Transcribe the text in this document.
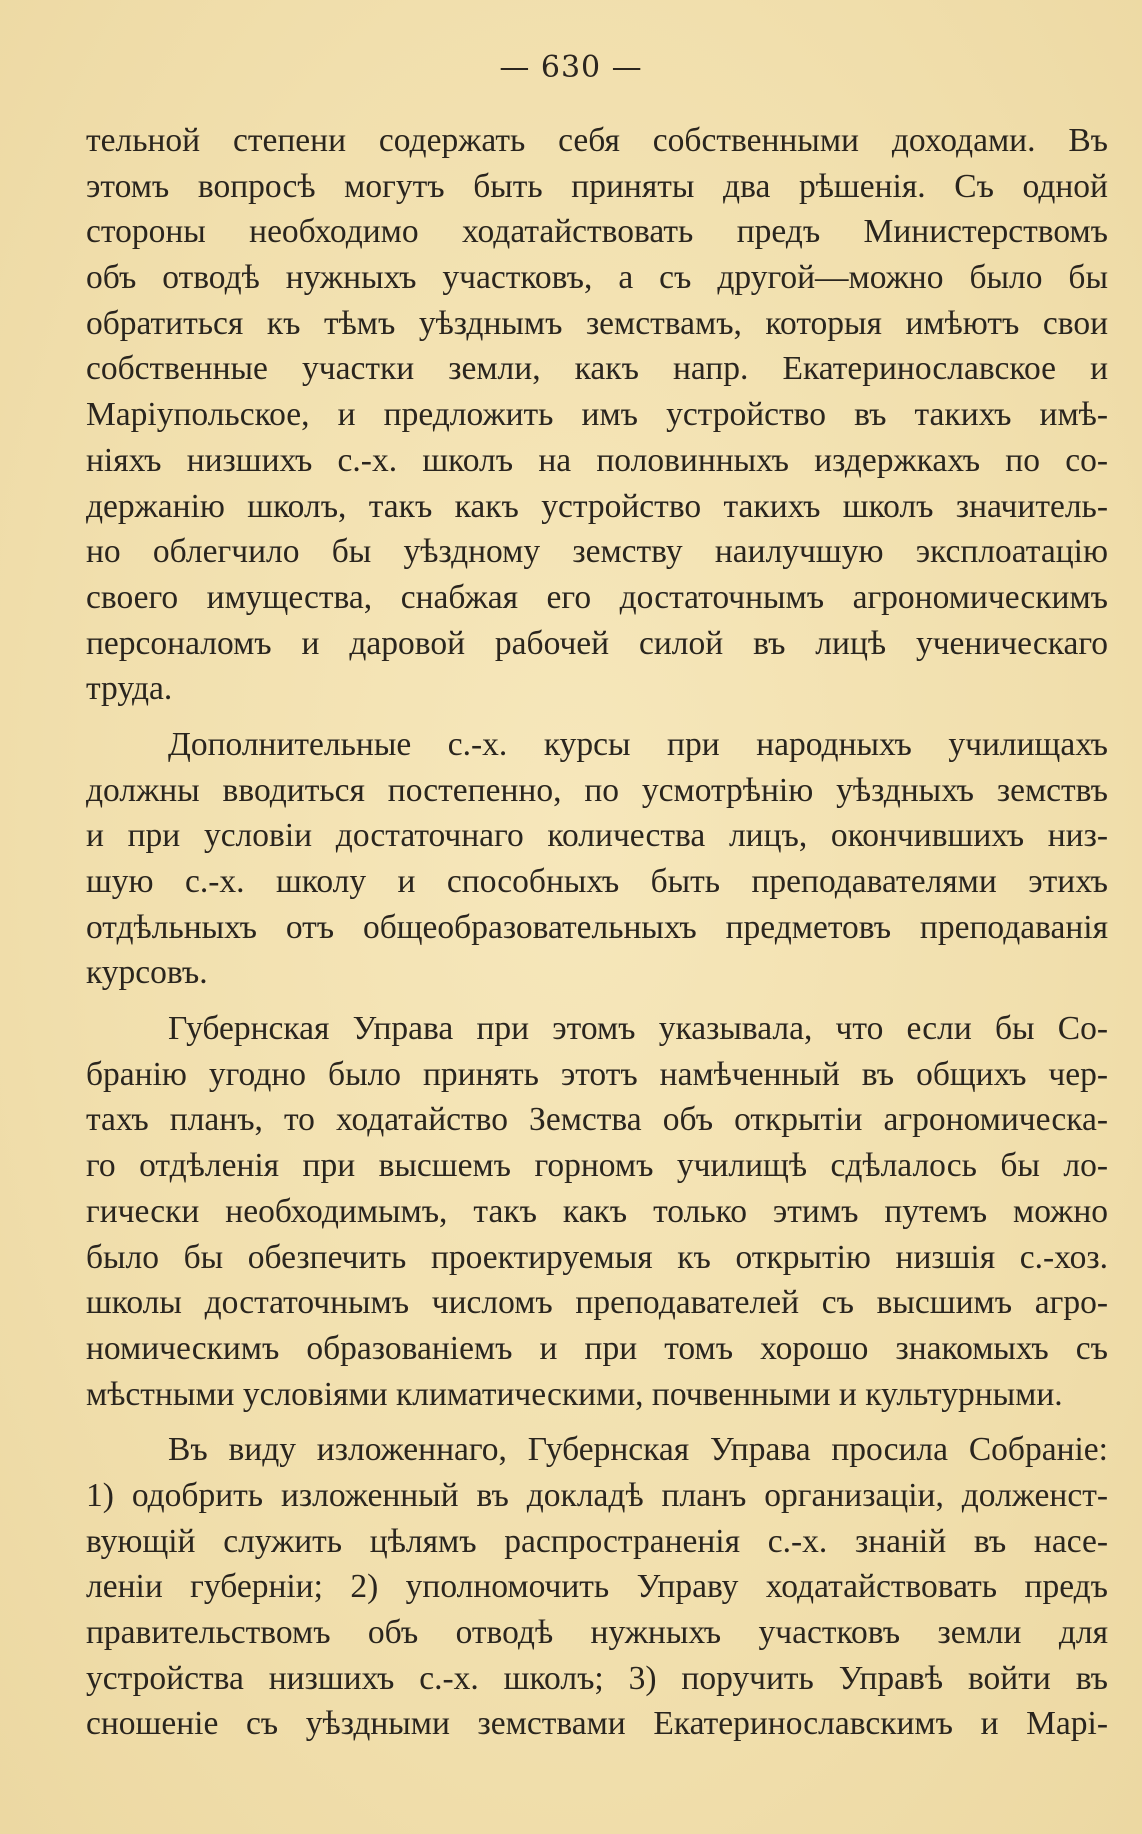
— 630 —

тельной степени содержать себя собственными доходами. Въ
этомъ вопросѣ могутъ быть приняты два рѣшенія. Съ одной
стороны необходимо ходатайствовать предъ Министерствомъ
объ отводѣ нужныхъ участковъ, а съ другой—можно было бы
обратиться къ тѣмъ уѣзднымъ земствамъ, которыя имѣютъ свои
собственные участки земли, какъ напр. Екатеринославское и
Маріупольское, и предложить имъ устройство въ такихъ имѣ-
ніяхъ низшихъ с.-х. школъ на половинныхъ издержкахъ по со-
держанію школъ, такъ какъ устройство такихъ школъ значитель-
но облегчило бы уѣздному земству наилучшую эксплоатацію
своего имущества, снабжая его достаточнымъ агрономическимъ
персоналомъ и даровой рабочей силой въ лицѣ ученическаго
труда.

Дополнительные с.-х. курсы при народныхъ училищахъ
должны вводиться постепенно, по усмотрѣнію уѣздныхъ земствъ
и при условіи достаточнаго количества лицъ, окончившихъ низ-
шую с.-х. школу и способныхъ быть преподавателями этихъ
отдѣльныхъ отъ общеобразовательныхъ предметовъ преподаванія
курсовъ.

Губернская Управа при этомъ указывала, что если бы Со-
бранію угодно было принять этотъ намѣченный въ общихъ чер-
тахъ планъ, то ходатайство Земства объ открытіи агрономическа-
го отдѣленія при высшемъ горномъ училищѣ сдѣлалось бы ло-
гически необходимымъ, такъ какъ только этимъ путемъ можно
было бы обезпечить проектируемыя къ открытію низшія с.-хоз.
школы достаточнымъ числомъ преподавателей съ высшимъ агро-
номическимъ образованіемъ и при томъ хорошо знакомыхъ съ
мѣстными условіями климатическими, почвенными и культурными.

Въ виду изложеннаго, Губернская Управа просила Собраніе:
1) одобрить изложенный въ докладѣ планъ организаціи, долженст-
вующій служить цѣлямъ распространенія с.-х. знаній въ насе-
леніи губерніи; 2) уполномочить Управу ходатайствовать предъ
правительствомъ объ отводѣ нужныхъ участковъ земли для
устройства низшихъ с.-х. школъ; 3) поручить Управѣ войти въ
сношеніе съ уѣздными земствами Екатеринославскимъ и Марі-
